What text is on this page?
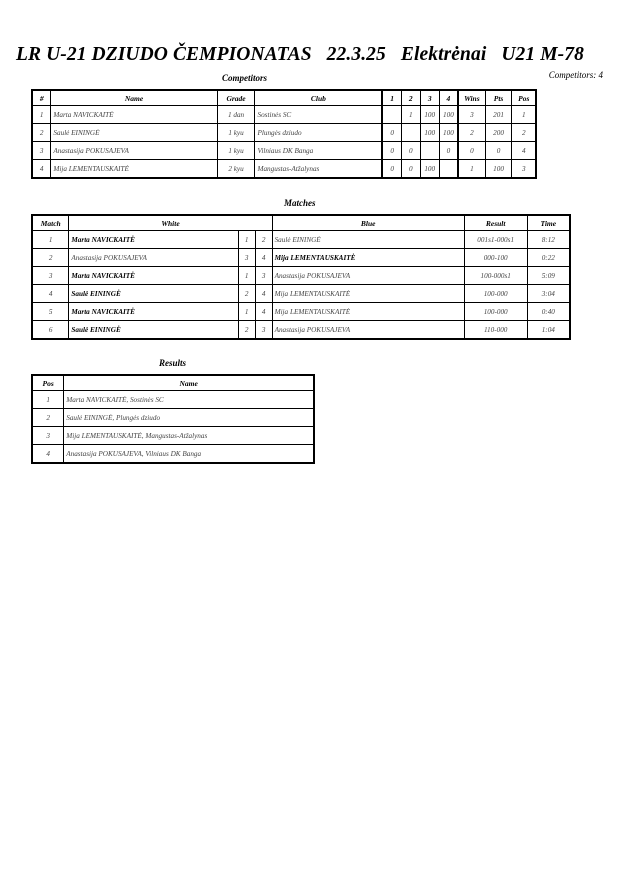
LR U-21 DZIUDO ČEMPIONATAS 22.3.25 Elektrėnai U21 M-78
Competitors	Competitors: 4
#	Name	Grade	Club	1	2	3	4	Wins	Pts	Pos
1	Marta NAVICKAITĖ	1 dan	Sostinės SC		1	100	100	3	201	1
2	Saulė EININGĖ	1 kyu	Plungės dziudo	0		100	100	2	200	2
3	Anastasija POKUSAJEVA	1 kyu	Vilniaus DK Banga	0	0		0	0	0	4
4	Mija LEMENTAUSKAITĖ	2 kyu	Mangustas-Atžalynas	0	0	100		1	100	3
Matches
Match	White			Blue	Result	Time
1	Marta NAVICKAITĖ	1	2	Saulė EININGĖ	001s1-000s1	8:12
2	Anastasija POKUSAJEVA	3	4	Mija LEMENTAUSKAITĖ	000-100	0:22
3	Marta NAVICKAITĖ	1	3	Anastasija POKUSAJEVA	100-000s1	5:09
4	Saulė EININGĖ	2	4	Mija LEMENTAUSKAITĖ	100-000	3:04
5	Marta NAVICKAITĖ	1	4	Mija LEMENTAUSKAITĖ	100-000	0:40
6	Saulė EININGĖ	2	3	Anastasija POKUSAJEVA	110-000	1:04
Results
Pos	Name
1	Marta NAVICKAITĖ, Sostinės SC
2	Saulė EININGĖ, Plungės dziudo
3	Mija LEMENTAUSKAITĖ, Mangustas-Atžalynas
4	Anastasija POKUSAJEVA, Vilniaus DK Banga
